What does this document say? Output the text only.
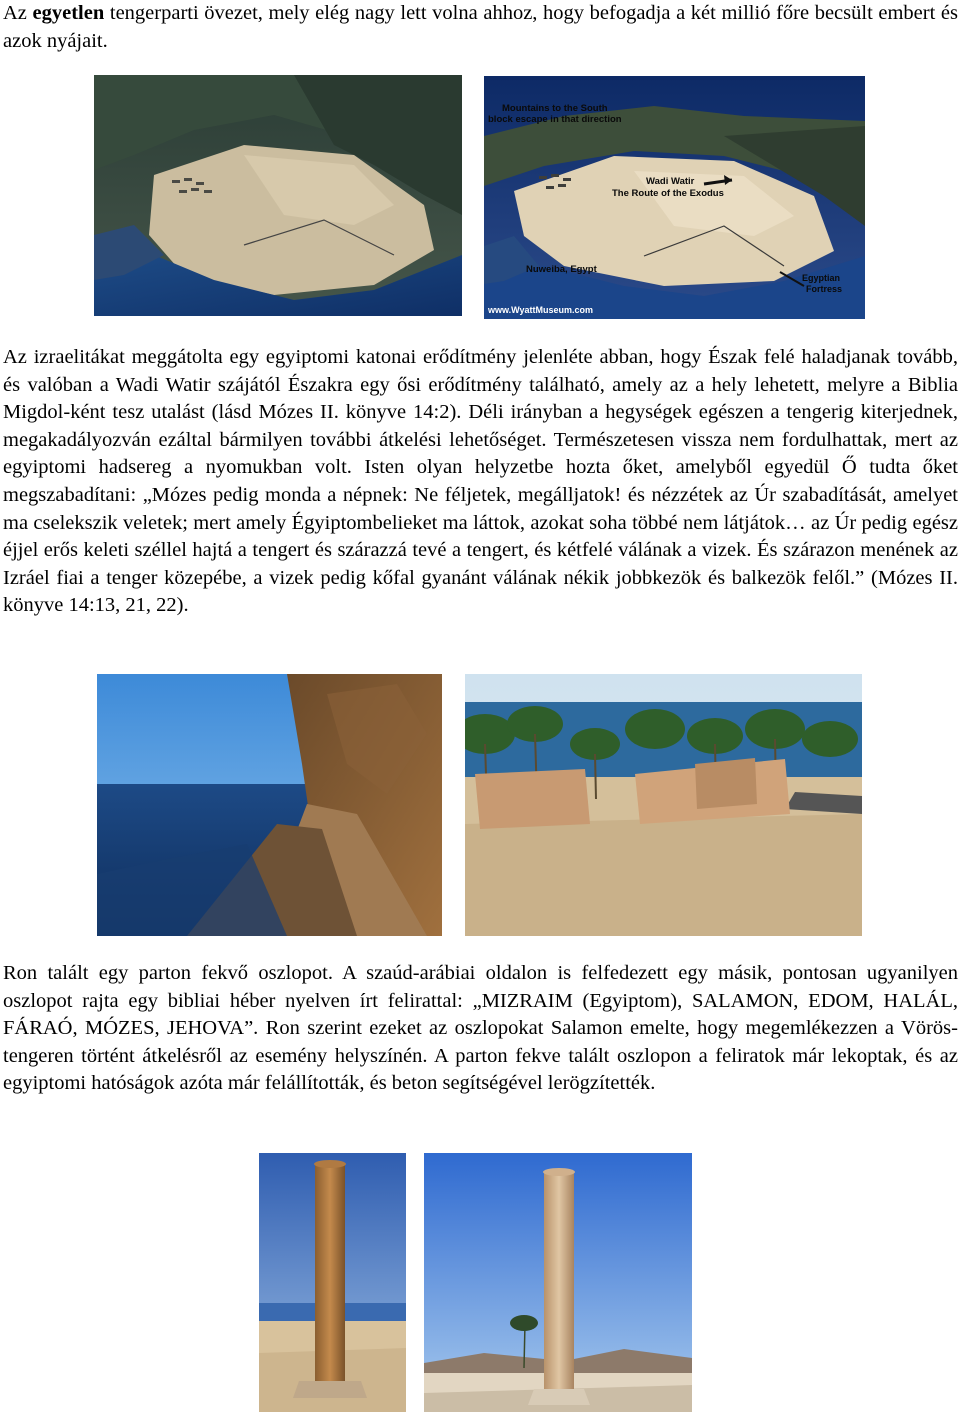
Az egyetlen tengerparti övezet, mely elég nagy lett volna ahhoz, hogy befogadja a két millió főre becsült embert és azok nyájait.

Mountains to the South
block escape in that direction
Wadi Watir
The Route of the Exodus
Nuweiba, Egypt
Egyptian
Fortress
www.WyattMuseum.com

Az izraelitákat meggátolta egy egyiptomi katonai erődítmény jelenléte abban, hogy Észak felé haladjanak tovább, és valóban a Wadi Watir szájától Északra egy ősi erődítmény található, amely az a hely lehetett, melyre a Biblia Migdol-ként tesz utalást (lásd Mózes II. könyve 14:2). Déli irányban a hegységek egészen a tengerig kiterjednek, megakadályozván ezáltal bármilyen további átkelési lehetőséget. Természetesen vissza nem fordulhattak, mert az egyiptomi hadsereg a nyomukban volt. Isten olyan helyzetbe hozta őket, amelyből egyedül Ő tudta őket megszabadítani: „Mózes pedig monda a népnek: Ne féljetek, megálljatok! és nézzétek az Úr szabadítását, amelyet ma cselekszik veletek; mert amely Égyiptombelieket ma láttok, azokat soha többé nem látjátok… az Úr pedig egész éjjel erős keleti széllel hajtá a tengert és szárazzá tevé a tengert, és kétfelé válának a vizek. És szárazon menének az Izráel fiai a tenger közepébe, a vizek pedig kőfal gyanánt válának nékik jobbkezök és balkezök felől.” (Mózes II. könyve 14:13, 21, 22).

Ron talált egy parton fekvő oszlopot. A szaúd-arábiai oldalon is felfedezett egy másik, pontosan ugyanilyen oszlopot rajta egy bibliai héber nyelven írt felirattal: „MIZRAIM (Egyiptom), SALAMON, EDOM, HALÁL, FÁRAÓ, MÓZES, JEHOVA”. Ron szerint ezeket az oszlopokat Salamon emelte, hogy megemlékezzen a Vörös-tengeren történt átkelésről az esemény helyszínén. A parton fekve talált oszlopon a feliratok már lekoptak, és az egyiptomi hatóságok azóta már felállították, és beton segítségével lerögzítették.
